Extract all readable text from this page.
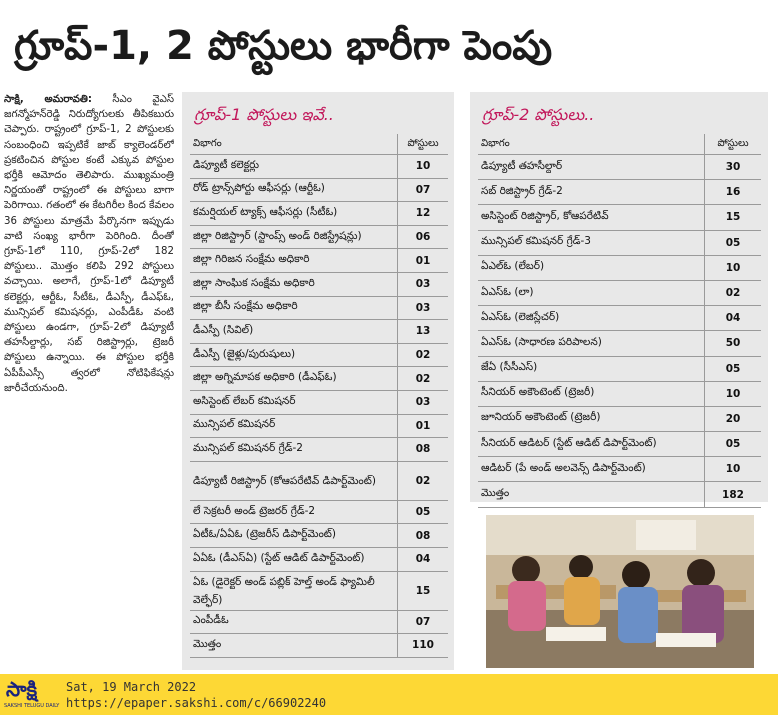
గ్రూప్-1, 2 పోస్టులు భారీగా పెంపు

సాక్షి, అమరావతి: సీఎం వైఎస్ జగన్మోహన్‌రెడ్డి నిరుద్యోగులకు తీపికబురు చెప్పారు. రాష్ట్రంలో గ్రూప్-1, 2 పోస్టులకు సంబంధించి ఇప్పటికే జాబ్ క్యాలెండర్‌లో ప్రకటించిన పోస్టుల కంటే ఎక్కువ పోస్టుల భర్తీకి ఆమోదం తెలిపారు. ముఖ్యమంత్రి నిర్ణయంతో రాష్ట్రంలో ఈ పోస్టులు బాగా పెరిగాయి. గతంలో ఈ కేటగిరీల కింద కేవలం 36 పోస్టులు మాత్రమే పేర్కొనగా ఇప్పుడు వాటి సంఖ్య భారీగా పెరిగింది. దీంతో గ్రూప్-1లో 110, గ్రూప్-2లో 182 పోస్టులు.. మొత్తం కలిపి 292 పోస్టులు వచ్చాయి. అలాగే, గ్రూప్-1లో డిప్యూటీ కలెక్టర్లు, ఆర్టీఓ, సీటీఓ, డీఎస్పీ, డీఎఫ్ఓ, మున్సిపల్ కమిషనర్లు, ఎంపీడీఓ వంటి పోస్టులు ఉండగా, గ్రూప్-2లో డిప్యూటీ తహసీల్దార్లు, సబ్ రిజిస్ట్రార్లు, ట్రెజరీ పోస్టులు ఉన్నాయి. ఈ పోస్టుల భర్తీకి ఏపీపీఎస్సీ త్వరలో నోటిఫికేషన్లు జారీచేయనుంది.

గ్రూప్-1 పోస్టులు ఇవే..
విభాగం	పోస్టులు
డిప్యూటీ కలెక్టర్లు	10
రోడ్ ట్రాన్స్‌పోర్టు ఆఫీసర్లు (ఆర్టీఓ)	07
కమర్షియల్ ట్యాక్స్ ఆఫీసర్లు (సీటీఓ)	12
జిల్లా రిజిస్ట్రార్ (స్టాంప్స్ అండ్ రిజిస్ట్రేషన్లు)	06
జిల్లా గిరిజన సంక్షేమ అధికారి	01
జిల్లా సాంఘిక సంక్షేమ అధికారి	03
జిల్లా బీసీ సంక్షేమ అధికారి	03
డీఎస్పీ (సివిల్)	13
డీఎస్పీ (జైళ్లు/పురుషులు)	02
జిల్లా అగ్నిమాపక అధికారి (డీఎఫ్ఓ)	02
అసిస్టెంట్ లేబర్ కమిషనర్	03
మున్సిపల్ కమిషనర్	01
మున్సిపల్ కమిషనర్ గ్రేడ్-2	08
డిప్యూటీ రిజిస్ట్రార్ (కోఆపరేటివ్ డిపార్ట్‌మెంట్)	02
లే సెక్రటరీ అండ్ ట్రెజరర్ గ్రేడ్-2	05
ఏటీఓ/ఏఏఓ (ట్రెజరీస్ డిపార్ట్‌మెంట్)	08
ఏఏఓ (డీఎస్ఏ) (స్టేట్ ఆడిట్ డిపార్ట్‌మెంట్)	04
ఏఓ (డైరెక్టర్ అండ్ పబ్లిక్ హెల్త్ అండ్ ఫ్యామిలీ వెల్ఫేర్)	15
ఎంపీడీఓ	07
మొత్తం	110
గ్రూప్-2 పోస్టులు..
విభాగం	పోస్టులు
డిప్యూటీ తహసీల్దార్	30
సబ్ రిజిస్ట్రార్ గ్రేడ్-2	16
అసిస్టెంట్ రిజిస్ట్రార్, కోఆపరేటివ్	15
మున్సిపల్ కమిషనర్ గ్రేడ్-3	05
ఏఎల్ఓ (లేబర్)	10
ఏఎస్ఓ (లా)	02
ఏఎస్ఓ (లెజిస్లేచర్)	04
ఏఎస్ఓ (సాధారణ పరిపాలన)	50
జేఏ (సీసీఎస్)	05
సీనియర్ అకౌంటెంట్ (ట్రెజరీ)	10
జూనియర్ అకౌంటెంట్ (ట్రెజరీ)	20
సీనియర్ ఆడిటర్ (స్టేట్ ఆడిట్ డిపార్ట్‌మెంట్)	05
ఆడిటర్ (పే అండ్ అలవెన్స్ డిపార్ట్‌మెంట్)	10
మొత్తం	182
సాక్షి
SAKSHI TELUGU DAILY
Sat, 19 March 2022
https://epaper.sakshi.com/c/66902240
